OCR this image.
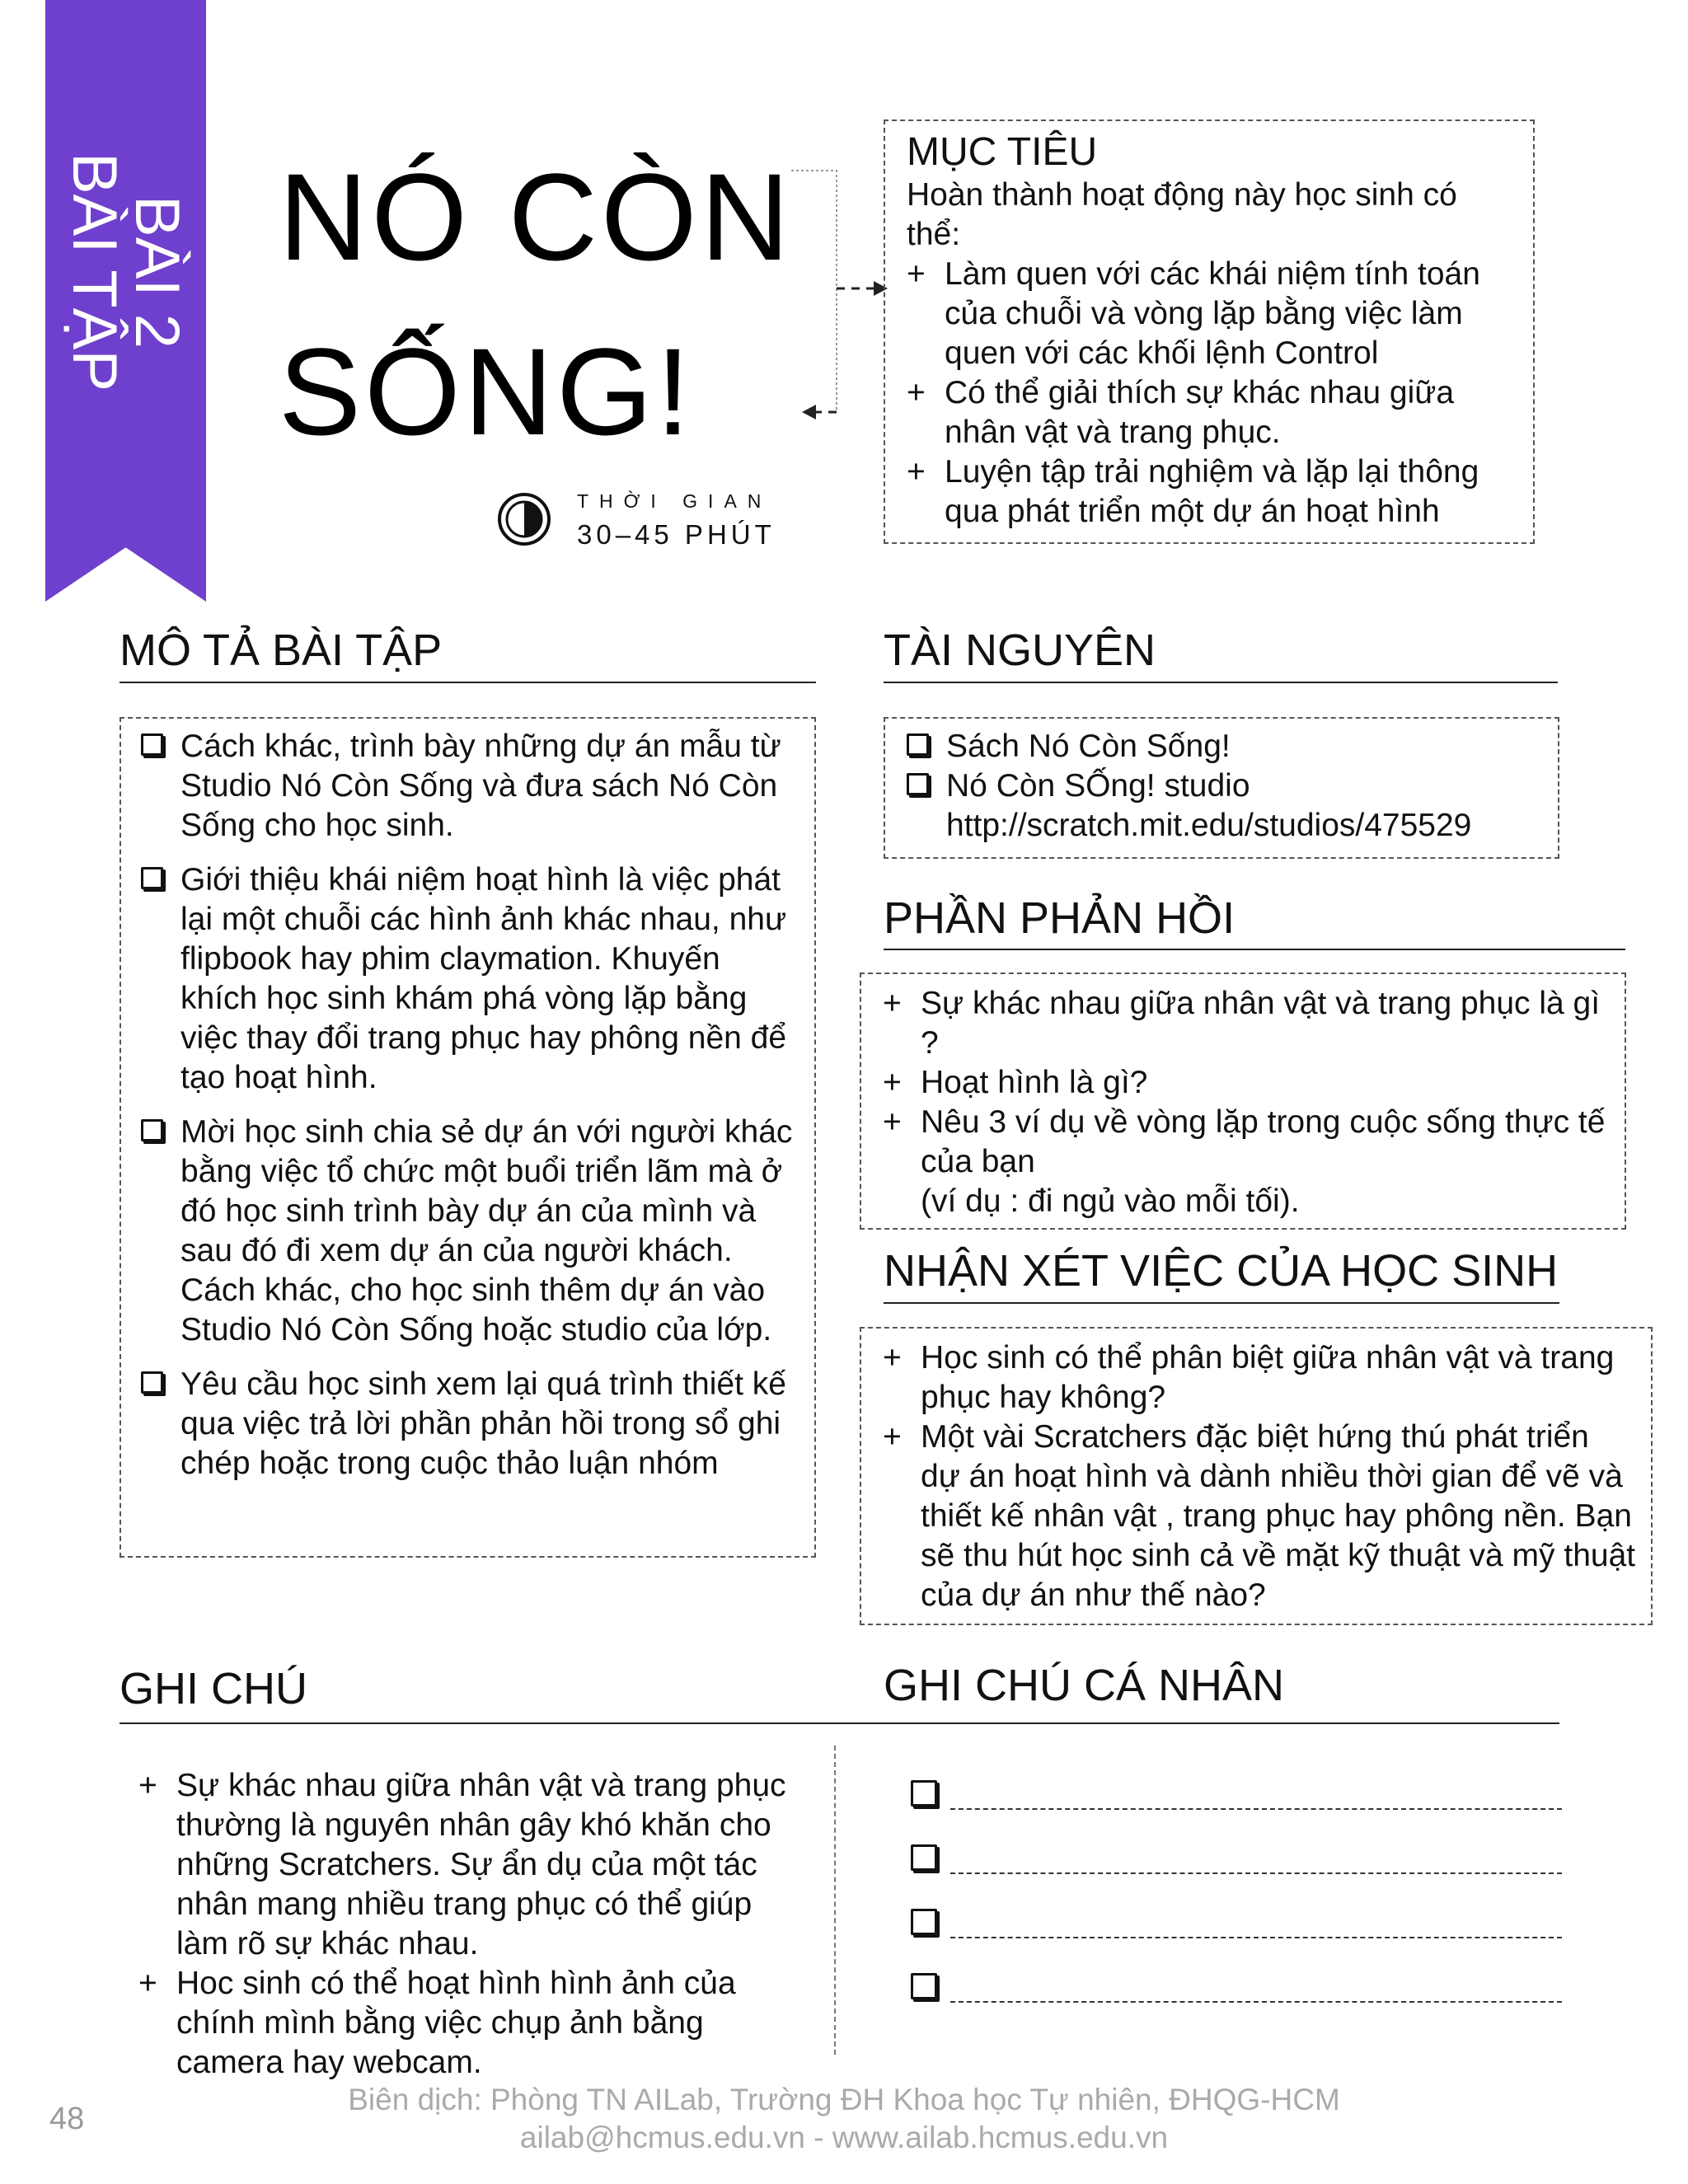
BÀI 2
BÀI TẬP NÓ CÒN
SỐNG!
THỜI GIAN
30–45 PHÚT
MỤC TIÊU
Hoàn thành hoạt động này học sinh có thể:
+ Làm quen với các khái niệm tính toán của chuỗi và vòng lặp bằng việc làm quen với các khối lệnh Control
+ Có thể giải thích sự khác nhau giữa nhân vật và trang phục.
+ Luyện tập trải nghiệm và lặp lại thông qua phát triển một dự án hoạt hình
MÔ TẢ BÀI TẬP
Cách khác, trình bày những dự án mẫu từ Studio Nó Còn Sống và đưa sách Nó Còn Sống cho học sinh.
Giới thiệu khái niệm hoạt hình là việc phát lại một chuỗi các hình ảnh khác nhau, như flipbook hay phim claymation. Khuyến khích học sinh khám phá vòng lặp bằng việc thay đổi trang phục hay phông nền để tạo hoạt hình.
Mời học sinh chia sẻ dự án với người khác bằng việc tổ chức một buổi triển lãm mà ở đó học sinh trình bày dự án của mình và sau đó đi xem dự án của người khách. Cách khác, cho học sinh thêm dự án vào Studio Nó Còn Sống hoặc studio của lớp.
Yêu cầu học sinh xem lại quá trình thiết kế qua việc trả lời phần phản hồi trong sổ ghi chép hoặc trong cuộc thảo luận nhóm
TÀI NGUYÊN
Sách Nó Còn Sống!
Nó Còn SỐng! studio
http://scratch.mit.edu/studios/475529
PHẦN PHẢN HỒI
+ Sự khác nhau giữa nhân vật và trang phục là gì ?
+ Hoạt hình là gì?
+ Nêu 3 ví dụ về vòng lặp trong cuộc sống thực tế của bạn
(ví dụ : đi ngủ vào mỗi tối).
NHẬN XÉT VIỆC CỦA HỌC SINH
+ Học sinh có thể phân biệt giữa nhân vật và trang phục hay không?
+ Một vài Scratchers đặc biệt hứng thú phát triển dự án hoạt hình và dành nhiều thời gian để vẽ và thiết kế nhân vật , trang phục hay phông nền. Bạn sẽ thu hút học sinh cả về mặt kỹ thuật và mỹ thuật của dự án như thế nào?
GHI CHÚ
+ Sự khác nhau giữa nhân vật và trang phục thường là nguyên nhân gây khó khăn cho những Scratchers. Sự ẩn dụ của một tác nhân mang nhiều trang phục có thể giúp làm rõ sự khác nhau.
+ Hoc sinh có thể hoạt hình hình ảnh của chính mình bằng việc chụp ảnh bằng camera hay webcam.
GHI CHÚ CÁ NHÂN
48
Biên dịch: Phòng TN AILab, Trường ĐH Khoa học Tự nhiên, ĐHQG-HCM
ailab@hcmus.edu.vn - www.ailab.hcmus.edu.vn
